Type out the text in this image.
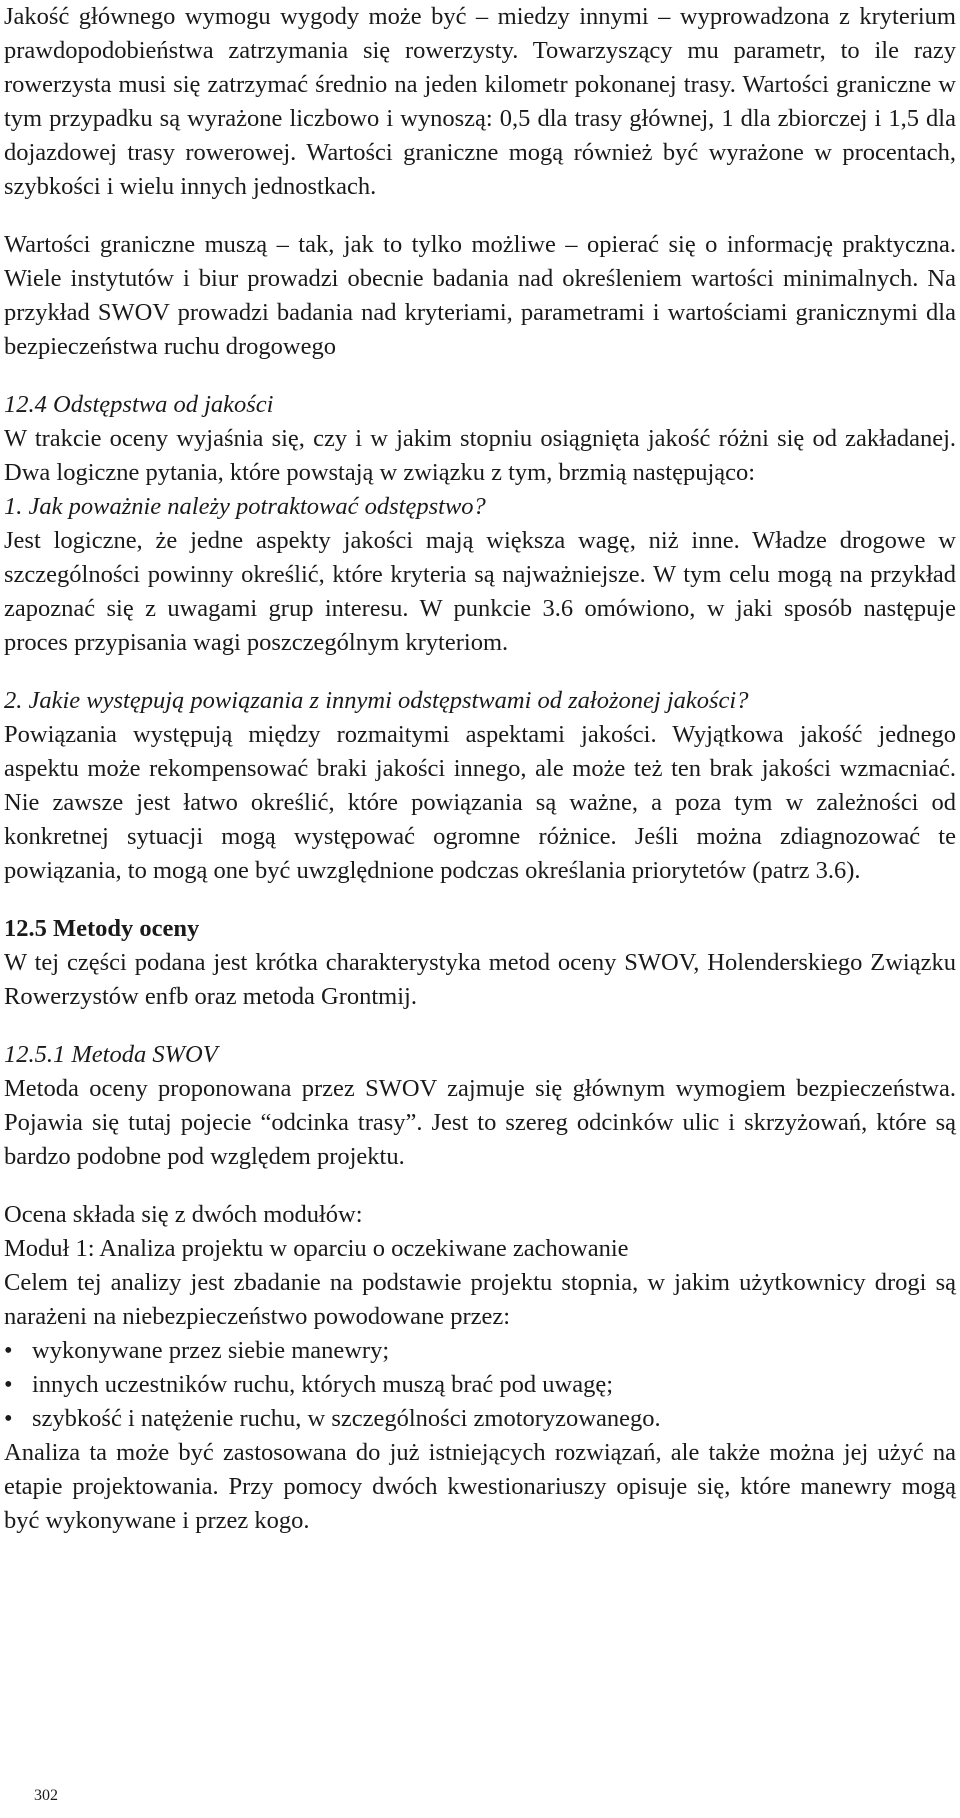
Jakość głównego wymogu wygody może być – miedzy innymi – wyprowadzona z kryterium prawdopodobieństwa zatrzymania się rowerzysty. Towarzyszący mu parametr, to ile razy rowerzysta musi się zatrzymać średnio na jeden kilometr pokonanej trasy. Wartości graniczne w tym przypadku są wyrażone liczbowo i wynoszą: 0,5 dla trasy głównej, 1 dla zbiorczej i 1,5 dla dojazdowej trasy rowerowej. Wartości graniczne mogą również być wyrażone w procentach, szybkości i wielu innych jednostkach.

Wartości graniczne muszą – tak, jak to tylko możliwe – opierać się o informację praktyczna. Wiele instytutów i biur prowadzi obecnie badania nad określeniem wartości minimalnych. Na przykład SWOV prowadzi badania nad kryteriami, parametrami i wartościami granicznymi dla bezpieczeństwa ruchu drogowego

12.4 Odstępstwa od jakości

W trakcie oceny wyjaśnia się, czy i w jakim stopniu osiągnięta jakość różni się od zakładanej. Dwa logiczne pytania, które powstają w związku z tym, brzmią następująco:

1. Jak poważnie należy potraktować odstępstwo?

Jest logiczne, że jedne aspekty jakości mają większa wagę, niż inne. Władze drogowe w szczególności powinny określić, które kryteria są najważniejsze. W tym celu mogą na przykład zapoznać się z uwagami grup interesu. W punkcie 3.6 omówiono, w jaki sposób następuje proces przypisania wagi poszczególnym kryteriom.

2. Jakie występują powiązania z innymi odstępstwami od założonej jakości?

Powiązania występują między rozmaitymi aspektami jakości. Wyjątkowa jakość jednego aspektu może rekompensować braki jakości innego, ale może też ten brak jakości wzmacniać. Nie zawsze jest łatwo określić, które powiązania są ważne, a poza tym w zależności od konkretnej sytuacji mogą występować ogromne różnice. Jeśli można zdiagnozować te powiązania, to mogą one być uwzględnione podczas określania priorytetów (patrz 3.6).

12.5 Metody oceny

W tej części podana jest krótka charakterystyka metod oceny SWOV, Holenderskiego Związku Rowerzystów enfb oraz metoda Grontmij.

12.5.1 Metoda SWOV

Metoda oceny proponowana przez SWOV zajmuje się głównym wymogiem bezpieczeństwa. Pojawia się tutaj pojecie “odcinka trasy”. Jest to szereg odcinków ulic i skrzyżowań, które są bardzo podobne pod względem projektu.

Ocena składa się z dwóch modułów:

Moduł 1: Analiza projektu w oparciu o oczekiwane zachowanie

Celem tej analizy jest zbadanie na podstawie projektu stopnia, w jakim użytkownicy drogi są narażeni na niebezpieczeństwo powodowane przez:

• wykonywane przez siebie manewry;
• innych uczestników ruchu, których muszą brać pod uwagę;
• szybkość i natężenie ruchu, w szczególności zmotoryzowanego.

Analiza ta może być zastosowana do już istniejących rozwiązań, ale także można jej użyć na etapie projektowania. Przy pomocy dwóch kwestionariuszy opisuje się, które manewry mogą być wykonywane i przez kogo.

302
